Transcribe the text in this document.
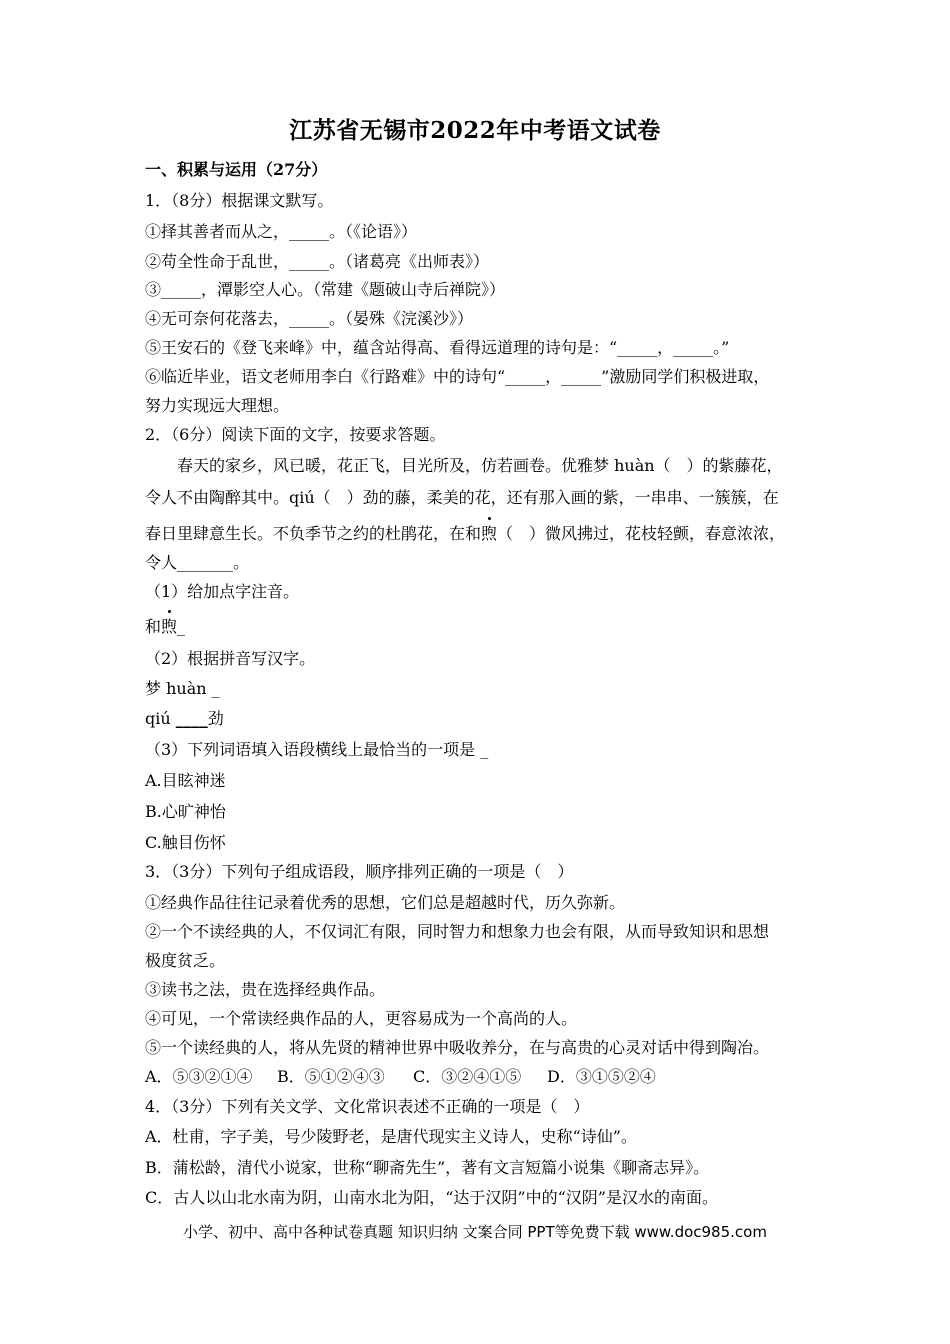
江苏省无锡市2022年中考语文试卷
一、积累与运用（27分）
1．（8分）根据课文默写。
①择其善者而从之，_____。（《论语》）
②苟全性命于乱世，_____。（诸葛亮《出师表》）
③_____，潭影空人心。（常建《题破山寺后禅院》）
④无可奈何花落去，_____。（晏殊《浣溪沙》）
⑤王安石的《登飞来峰》中，蕴含站得高、看得远道理的诗句是：“_____，_____。”
⑥临近毕业，语文老师用李白《行路难》中的诗句“_____，_____”激励同学们积极进取，
努力实现远大理想。
2．（6分）阅读下面的文字，按要求答题。
春天的家乡，风已暖，花正飞，目光所及，仿若画卷。优雅梦 huàn（　）的紫藤花，
令人不由陶醉其中。qiú（　）劲的藤，柔美的花，还有那入画的紫，一串串、一簇簇，在
春日里肆意生长。不负季节之约的杜鹃花，在和煦（　）微风拂过，花枝轻颤，春意浓浓，
令人_______。
（1）给加点字注音。
和煦_
（2）根据拼音写汉字。
梦 huàn _
qiú ____劲
（3）下列词语填入语段横线上最恰当的一项是 _
A.目眩神迷
B.心旷神怡
C.触目伤怀
3．（3分）下列句子组成语段，顺序排列正确的一项是（　）
①经典作品往往记录着优秀的思想，它们总是超越时代，历久弥新。
②一个不读经典的人，不仅词汇有限，同时智力和想象力也会有限，从而导致知识和思想
极度贫乏。
③读书之法，贵在选择经典作品。
④可见，一个常读经典作品的人，更容易成为一个高尚的人。
⑤一个读经典的人，将从先贤的精神世界中吸收养分，在与高贵的心灵对话中得到陶冶。
A．⑤③②①④ B．⑤①②④③ C．③②④①⑤ D．③①⑤②④
4．（3分）下列有关文学、文化常识表述不正确的一项是（　）
A．杜甫，字子美，号少陵野老，是唐代现实主义诗人，史称“诗仙”。
B．蒲松龄，清代小说家，世称“聊斋先生”，著有文言短篇小说集《聊斋志异》。
C．古人以山北水南为阴，山南水北为阳，“达于汉阴”中的“汉阴”是汉水的南面。
小学、初中、高中各种试卷真题 知识归纳 文案合同 PPT等免费下载 www.doc985.com
